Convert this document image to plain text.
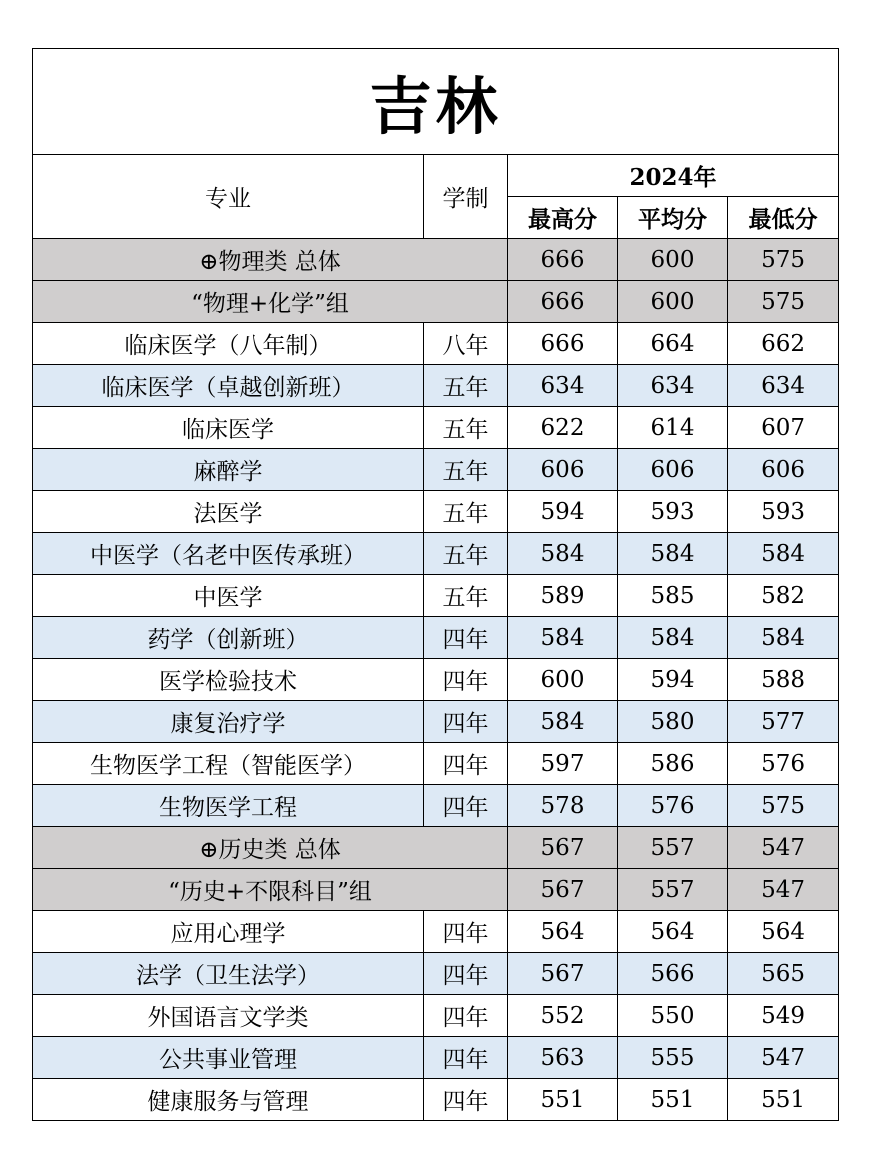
吉林				
专业	学制	2024年		
		最高分	平均分	最低分
⊕物理类 总体		666	600	575
“物理+化学”组		666	600	575
临床医学（八年制）	八年	666	664	662
临床医学（卓越创新班）	五年	634	634	634
临床医学	五年	622	614	607
麻醉学	五年	606	606	606
法医学	五年	594	593	593
中医学（名老中医传承班）	五年	584	584	584
中医学	五年	589	585	582
药学（创新班）	四年	584	584	584
医学检验技术	四年	600	594	588
康复治疗学	四年	584	580	577
生物医学工程（智能医学）	四年	597	586	576
生物医学工程	四年	578	576	575
⊕历史类 总体		567	557	547
“历史+不限科目”组		567	557	547
应用心理学	四年	564	564	564
法学（卫生法学）	四年	567	566	565
外国语言文学类	四年	552	550	549
公共事业管理	四年	563	555	547
健康服务与管理	四年	551	551	551
